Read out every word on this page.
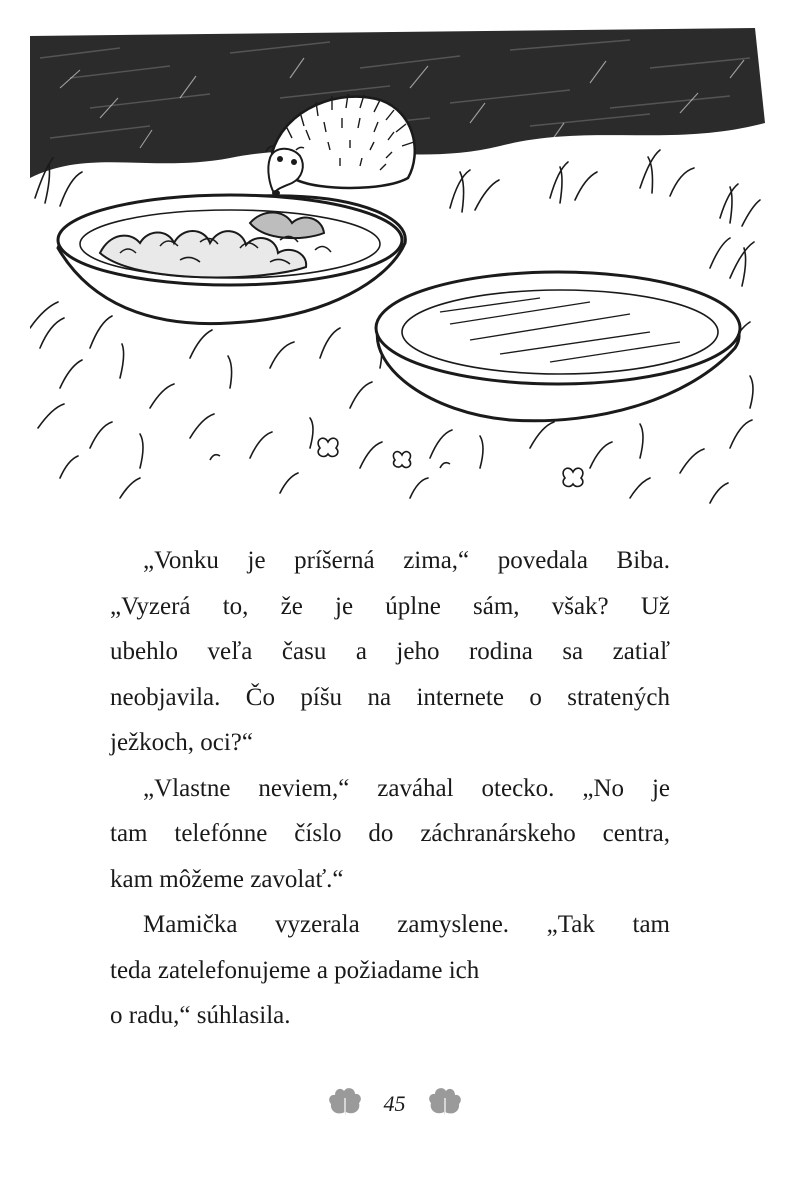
„Vonku je príšerná zima,“ povedala Biba.
„Vyzerá to, že je úplne sám, však? Už
ubehlo veľa času a jeho rodina sa zatiaľ
neobjavila. Čo píšu na internete o stratených
ježkoch, oci?“
„Vlastne neviem,“ zaváhal otecko. „No je
tam telefónne číslo do záchranárskeho centra,
kam môžeme zavolať.“
Mamička vyzerala zamyslene. „Tak tam
teda zatelefonujeme a požiadame ich
o radu,“ súhlasila.
45
